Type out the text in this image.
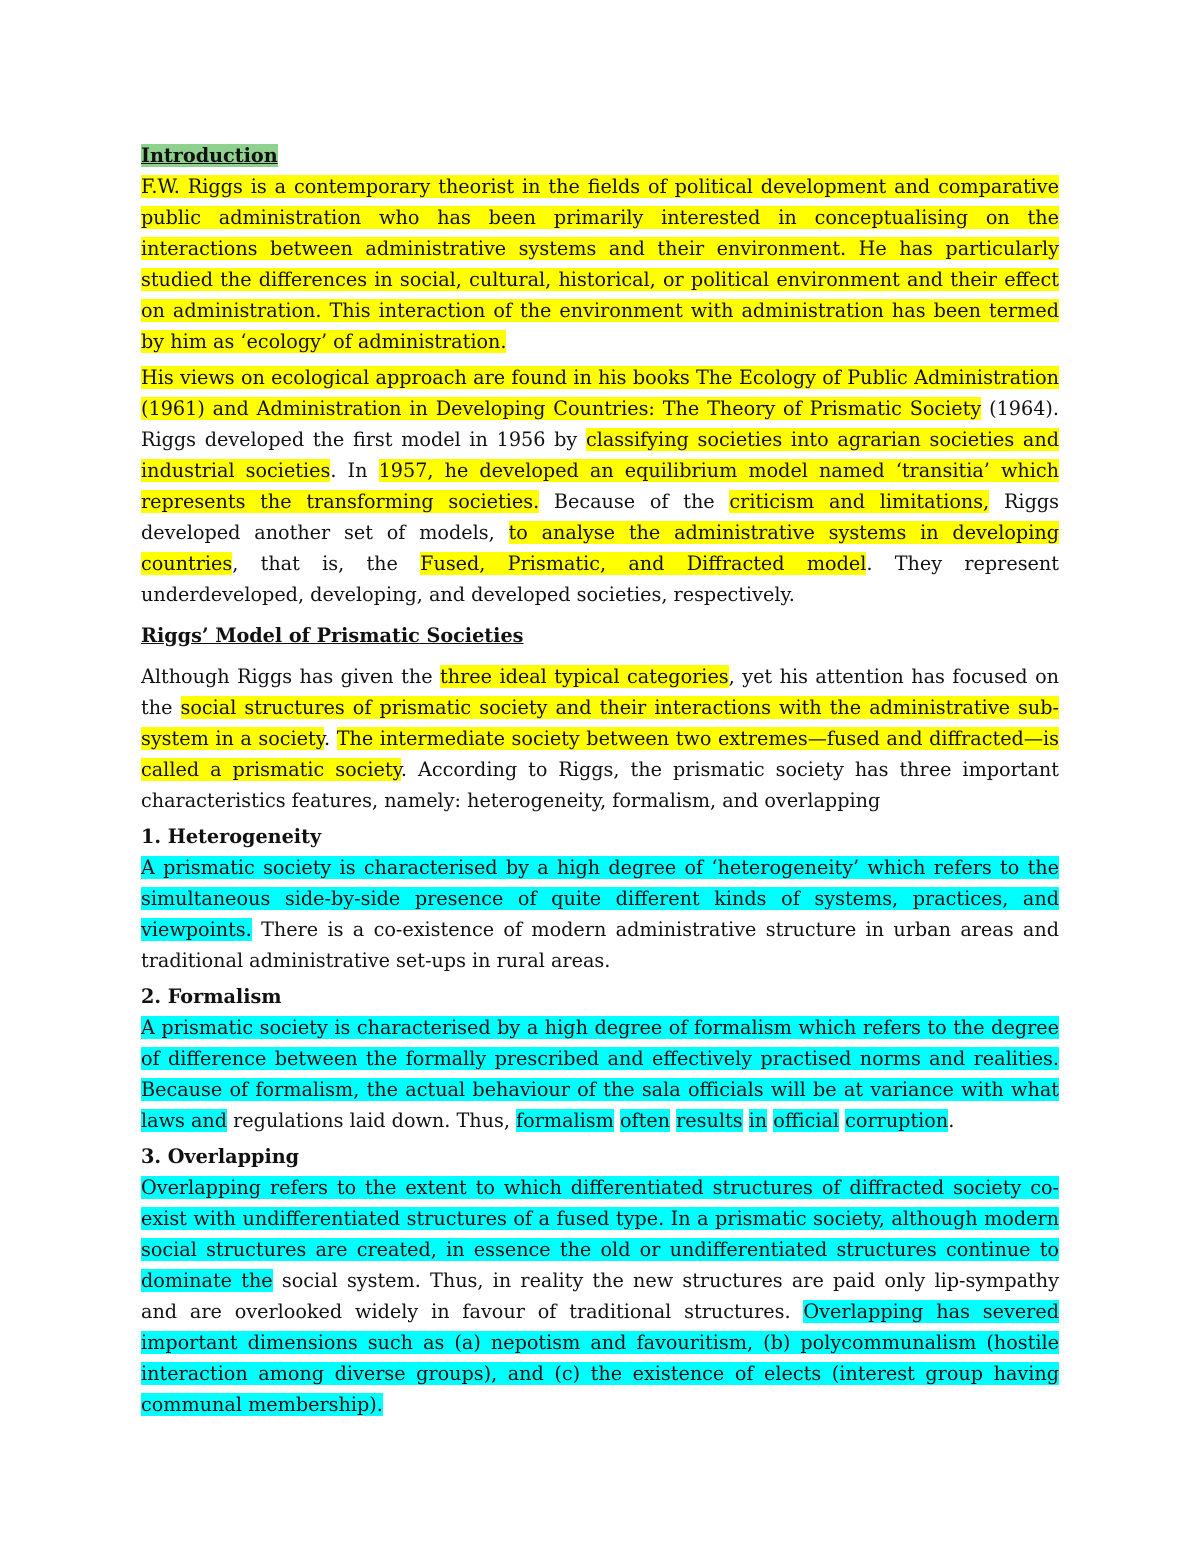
Introduction

F.W. Riggs is a contemporary theorist in the fields of political development and comparative public administration who has been primarily interested in conceptualising on the interactions between administrative systems and their environment. He has particularly studied the differences in social, cultural, historical, or political environment and their effect on administration. This interaction of the environment with administration has been termed by him as ‘ecology’ of administration.

His views on ecological approach are found in his books The Ecology of Public Administration (1961) and Administration in Developing Countries: The Theory of Prismatic Society (1964). Riggs developed the first model in 1956 by classifying societies into agrarian societies and industrial societies. In 1957, he developed an equilibrium model named ‘transitia’ which represents the transforming societies. Because of the criticism and limitations, Riggs developed another set of models, to analyse the administrative systems in developing countries, that is, the Fused, Prismatic, and Diffracted model. They represent underdeveloped, developing, and developed societies, respectively.

Riggs’ Model of Prismatic Societies

Although Riggs has given the three ideal typical categories, yet his attention has focused on the social structures of prismatic society and their interactions with the administrative sub-system in a society. The intermediate society between two extremes—fused and diffracted—is called a prismatic society. According to Riggs, the prismatic society has three important characteristics features, namely: heterogeneity, formalism, and overlapping

1. Heterogeneity

A prismatic society is characterised by a high degree of ‘heterogeneity’ which refers to the simultaneous side-by-side presence of quite different kinds of systems, practices, and viewpoints. There is a co-existence of modern administrative structure in urban areas and traditional administrative set-ups in rural areas.

2. Formalism

A prismatic society is characterised by a high degree of formalism which refers to the degree of difference between the formally prescribed and effectively practised norms and realities. Because of formalism, the actual behaviour of the sala officials will be at variance with what laws and regulations laid down. Thus, formalism often results in official corruption.

3. Overlapping

Overlapping refers to the extent to which differentiated structures of diffracted society co-exist with undifferentiated structures of a fused type. In a prismatic society, although modern social structures are created, in essence the old or undifferentiated structures continue to dominate the social system. Thus, in reality the new structures are paid only lip-sympathy and are overlooked widely in favour of traditional structures. Overlapping has severed important dimensions such as (a) nepotism and favouritism, (b) polycommunalism (hostile interaction among diverse groups), and (c) the existence of elects (interest group having communal membership).
